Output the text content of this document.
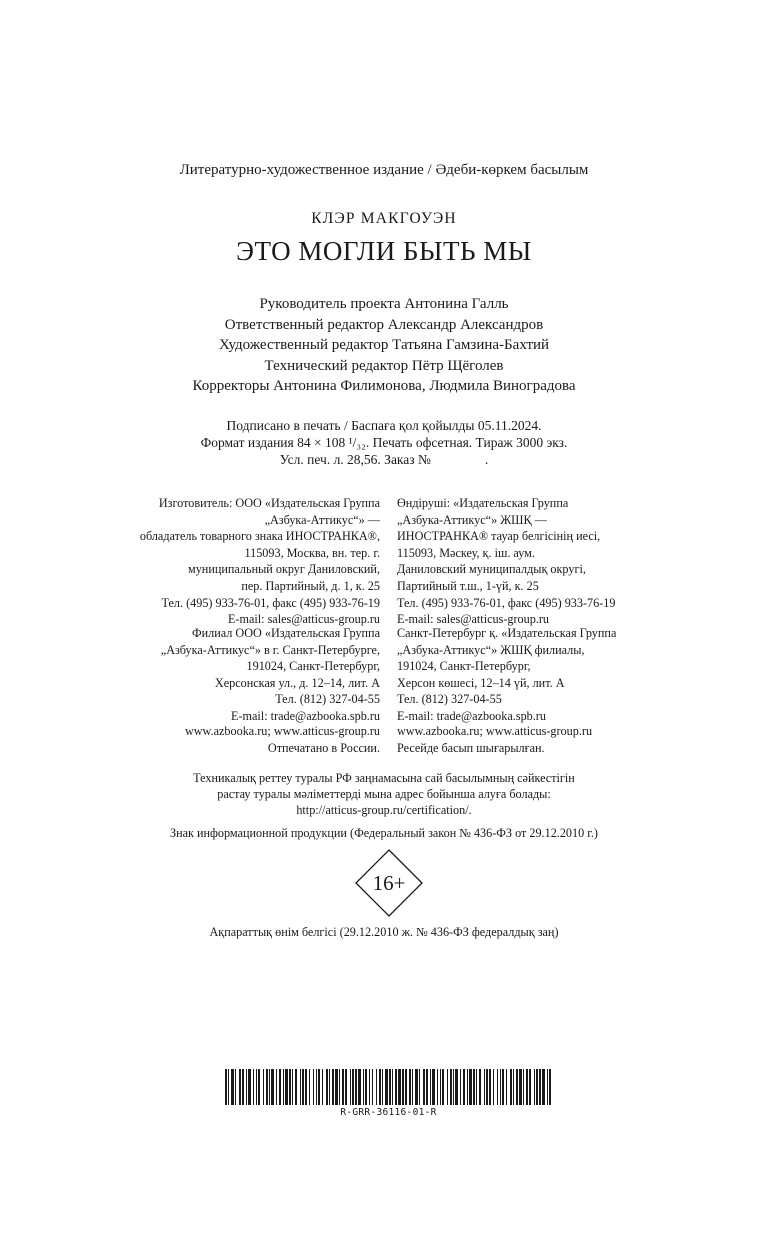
Литературно-художественное издание / Әдеби-көркем басылым
КЛЭР МАКГОУЭН
ЭТО МОГЛИ БЫТЬ МЫ
Руководитель проекта Антонина Галль
Ответственный редактор Александр Александров
Художественный редактор Татьяна Гамзина-Бахтий
Технический редактор Пётр Щёголев
Корректоры Антонина Филимонова, Людмила Виноградова
Подписано в печать / Баспаға қол қойылды 05.11.2024.
Формат издания 84 × 108 ¹/₃₂. Печать офсетная. Тираж 3000 экз.
Усл. печ. л. 28,56. Заказ №                .
Изготовитель: ООО «Издательская Группа
„Азбука-Аттикус“» —
обладатель товарного знака ИНОСТРАНКА®,
115093, Москва, вн. тер. г.
муниципальный округ Даниловский,
пер. Партийный, д. 1, к. 25
Тел. (495) 933-76-01, факс (495) 933-76-19
E-mail: sales@atticus-group.ru
Өндіруші: «Издательская Группа
„Азбука-Аттикус“» ЖШҚ —
ИНОСТРАНКА® тауар белгісінің иесі,
115093, Мәскеу, қ. іш. аум.
Даниловский муниципалдық округі,
Партийный т.ш., 1-үй, к. 25
Тел. (495) 933-76-01, факс (495) 933-76-19
E-mail: sales@atticus-group.ru
Филиал ООО «Издательская Группа
„Азбука-Аттикус“» в г. Санкт-Петербурге,
191024, Санкт-Петербург,
Херсонская ул., д. 12–14, лит. А
Тел. (812) 327-04-55
E-mail: trade@azbooka.spb.ru
Санкт-Петербург қ. «Издательская Группа
„Азбука-Аттикус“» ЖШҚ филиалы,
191024, Санкт-Петербург,
Херсон көшесі, 12–14 үй, лит. А
Тел. (812) 327-04-55
E-mail: trade@azbooka.spb.ru
www.azbooka.ru; www.atticus-group.ru
Отпечатано в России.
www.azbooka.ru; www.atticus-group.ru
Ресейде басып шығарылған.
Техникалық реттеу туралы РФ заңнамасына сай басылымның сәйкестігін
растау туралы мәліметтерді мына адрес бойынша алуға болады:
http://atticus-group.ru/certification/.
Знак информационной продукции (Федеральный закон № 436-ФЗ от 29.12.2010 г.)
16+
Ақпараттық өнім белгісі (29.12.2010 ж. № 436-ФЗ федералдық заң)
R-GRR-36116-01-R
